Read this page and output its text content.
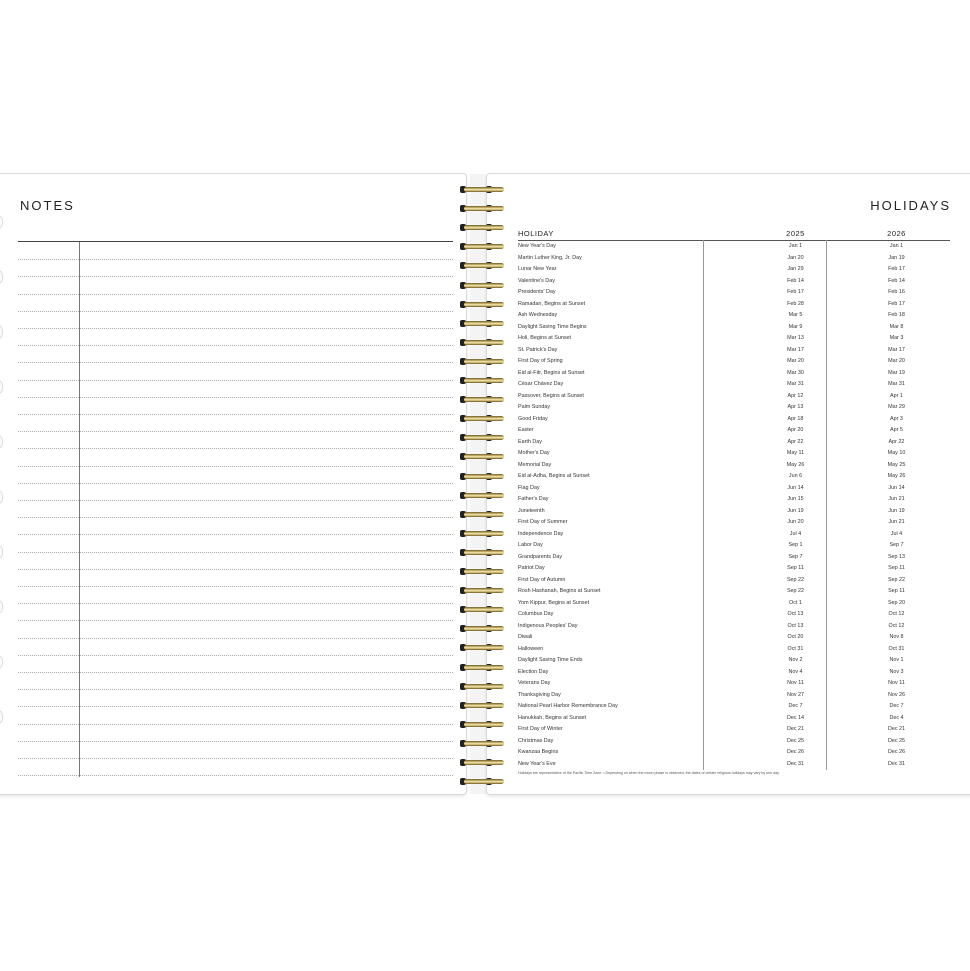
NOTES	HOLIDAYS
HOLIDAY	2025	2026
New Year's Day	Jan 1	Jan 1
Martin Luther King, Jr. Day	Jan 20	Jan 19
Lunar New Year	Jan 29	Feb 17
Valentine's Day	Feb 14	Feb 14
Presidents' Day	Feb 17	Feb 16
Ramadan, Begins at Sunset	Feb 28	Feb 17
Ash Wednesday	Mar 5	Feb 18
Daylight Saving Time Begins	Mar 9	Mar 8
Holi, Begins at Sunset	Mar 13	Mar 3
St. Patrick's Day	Mar 17	Mar 17
First Day of Spring	Mar 20	Mar 20
Eid al-Fitr, Begins at Sunset	Mar 30	Mar 19
César Chávez Day	Mar 31	Mar 31
Passover, Begins at Sunset	Apr 12	Apr 1
Palm Sunday	Apr 13	Mar 29
Good Friday	Apr 18	Apr 3
Easter	Apr 20	Apr 5
Earth Day	Apr 22	Apr 22
Mother's Day	May 11	May 10
Memorial Day	May 26	May 25
Eid al-Adha, Begins at Sunset	Jun 6	May 26
Flag Day	Jun 14	Jun 14
Father's Day	Jun 15	Jun 21
Juneteenth	Jun 19	Jun 19
First Day of Summer	Jun 20	Jun 21
Independence Day	Jul 4	Jul 4
Labor Day	Sep 1	Sep 7
Grandparents Day	Sep 7	Sep 13
Patriot Day	Sep 11	Sep 11
First Day of Autumn	Sep 22	Sep 22
Rosh Hashanah, Begins at Sunset	Sep 22	Sep 11
Yom Kippur, Begins at Sunset	Oct 1	Sep 20
Columbus Day	Oct 13	Oct 12
Indigenous Peoples' Day	Oct 13	Oct 12
Diwali	Oct 20	Nov 8
Halloween	Oct 31	Oct 31
Daylight Saving Time Ends	Nov 2	Nov 1
Election Day	Nov 4	Nov 3
Veterans Day	Nov 11	Nov 11
Thanksgiving Day	Nov 27	Nov 26
National Pearl Harbor Remembrance Day	Dec 7	Dec 7
Hanukkah, Begins at Sunset	Dec 14	Dec 4
First Day of Winter	Dec 21	Dec 21
Christmas Day	Dec 25	Dec 25
Kwanzaa Begins	Dec 26	Dec 26
New Year's Eve	Dec 31	Dec 31
Holidays are representative of the Pacific Time Zone. • Depending on when the moon phase is observed, the dates of certain religious holidays may vary by one day.
